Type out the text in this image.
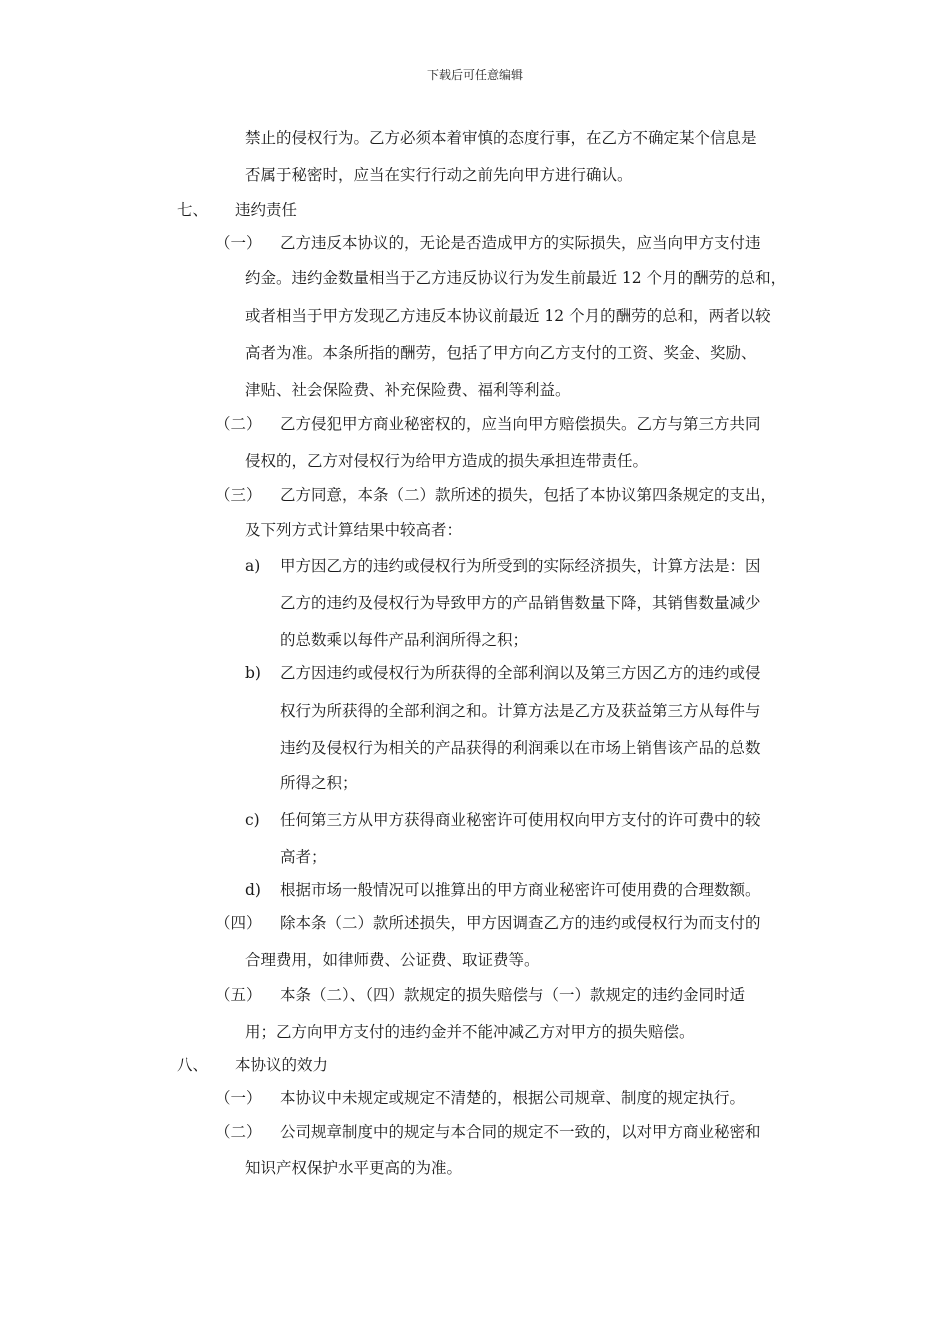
下载后可任意编辑
禁止的侵权行为。乙方必须本着审慎的态度行事，在乙方不确定某个信息是
否属于秘密时，应当在实行行动之前先向甲方进行确认。
七、 违约责任
（一） 乙方违反本协议的，无论是否造成甲方的实际损失，应当向甲方支付违
约金。违约金数量相当于乙方违反协议行为发生前最近 12 个月的酬劳的总和，
或者相当于甲方发现乙方违反本协议前最近 12 个月的酬劳的总和，两者以较
高者为准。本条所指的酬劳，包括了甲方向乙方支付的工资、奖金、奖励、
津贴、社会保险费、补充保险费、福利等利益。
（二） 乙方侵犯甲方商业秘密权的，应当向甲方赔偿损失。乙方与第三方共同
侵权的，乙方对侵权行为给甲方造成的损失承担连带责任。
（三） 乙方同意，本条（二）款所述的损失，包括了本协议第四条规定的支出，
及下列方式计算结果中较高者：
a) 甲方因乙方的违约或侵权行为所受到的实际经济损失，计算方法是：因
乙方的违约及侵权行为导致甲方的产品销售数量下降，其销售数量减少
的总数乘以每件产品利润所得之积；
b) 乙方因违约或侵权行为所获得的全部利润以及第三方因乙方的违约或侵
权行为所获得的全部利润之和。计算方法是乙方及获益第三方从每件与
违约及侵权行为相关的产品获得的利润乘以在市场上销售该产品的总数
所得之积；
c) 任何第三方从甲方获得商业秘密许可使用权向甲方支付的许可费中的较
高者；
d) 根据市场一般情况可以推算出的甲方商业秘密许可使用费的合理数额。
（四） 除本条（二）款所述损失，甲方因调查乙方的违约或侵权行为而支付的
合理费用，如律师费、公证费、取证费等。
（五） 本条（二）、（四）款规定的损失赔偿与（一）款规定的违约金同时适
用；乙方向甲方支付的违约金并不能冲减乙方对甲方的损失赔偿。
八、 本协议的效力
（一） 本协议中未规定或规定不清楚的，根据公司规章、制度的规定执行。
（二） 公司规章制度中的规定与本合同的规定不一致的，以对甲方商业秘密和
知识产权保护水平更高的为准。
